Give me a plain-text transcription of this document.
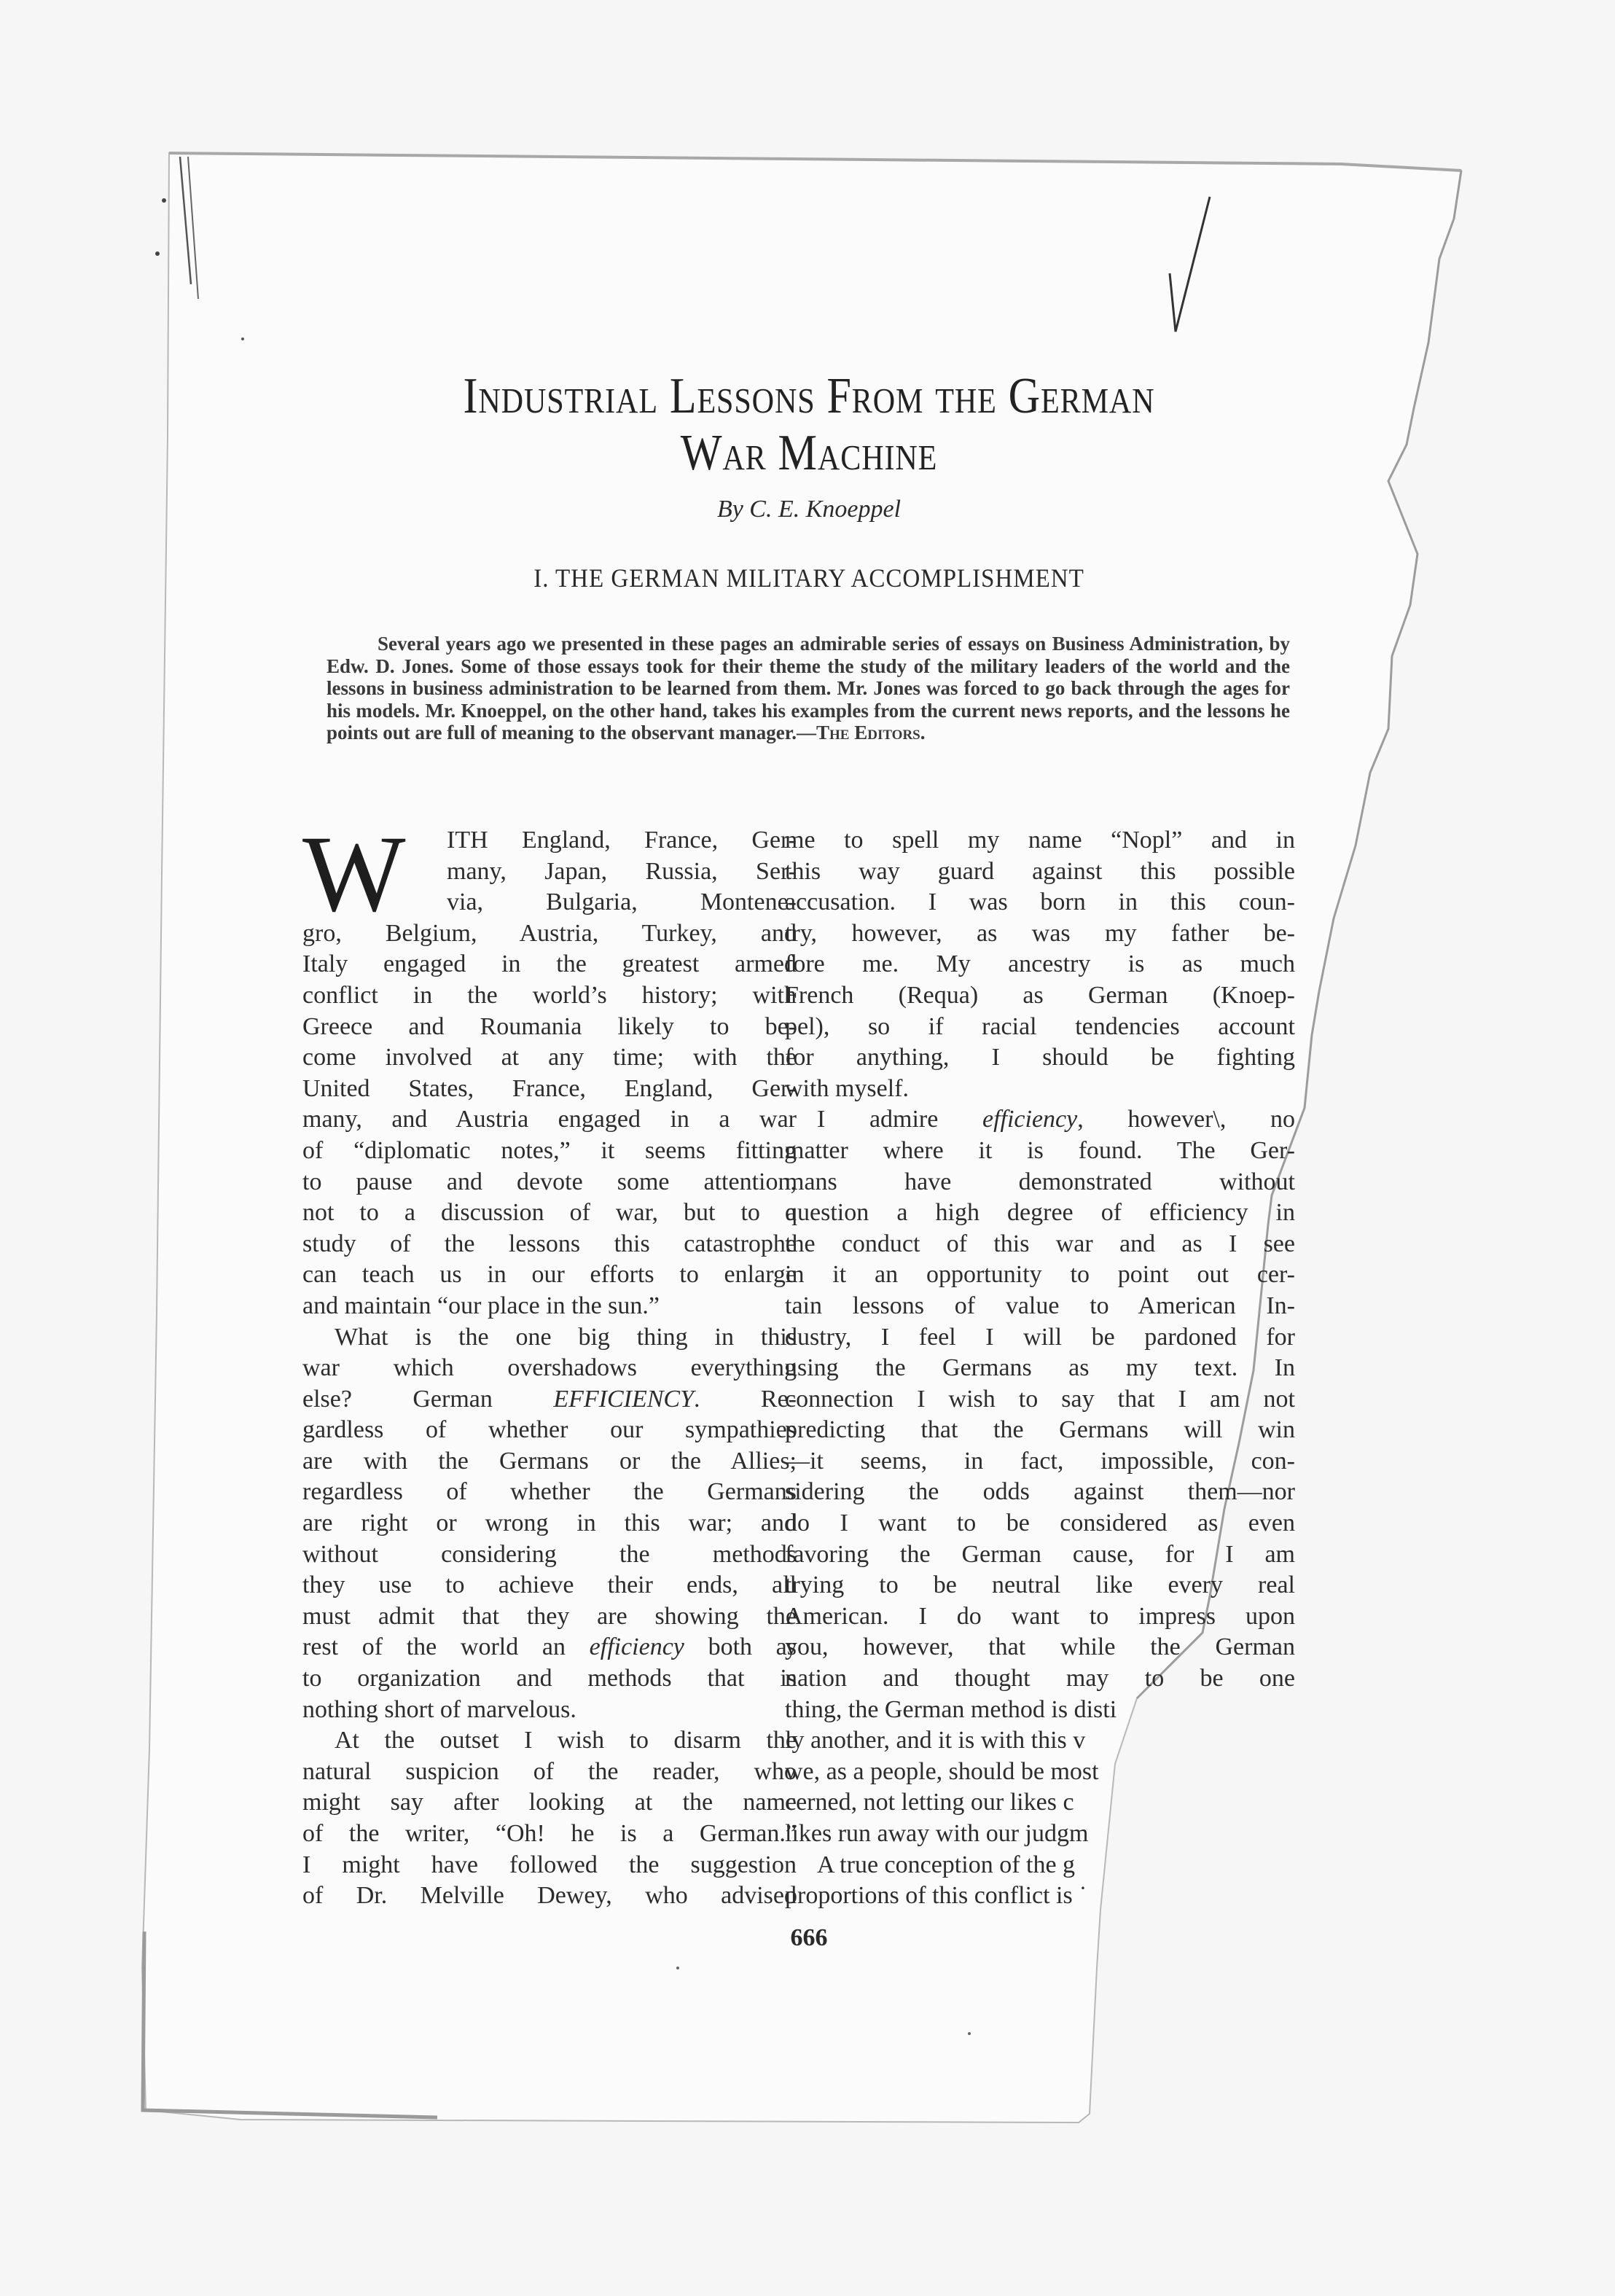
Industrial Lessons From the German
War Machine
By C. E. Knoeppel
I. THE GERMAN MILITARY ACCOMPLISHMENT

Several years ago we presented in these pages an admirable series of essays on Business Administration, by Edw. D. Jones. Some of those essays took for their theme the study of the military leaders of the world and the lessons in business administration to be learned from them. Mr. Jones was forced to go back through the ages for his models. Mr. Knoeppel, on the other hand, takes his examples from the current news reports, and the lessons he points out are full of meaning to the observant manager.—The Editors.

W	ITH England, France, Ger-
many, Japan, Russia, Ser-
via, Bulgaria, Montene-
gro, Belgium, Austria, Turkey, and
Italy engaged in the greatest armed
conflict in the world’s history; with
Greece and Roumania likely to be-
come involved at any time; with the
United States, France, England, Ger-
many, and Austria engaged in a war
of “diplomatic notes,” it seems fitting
to pause and devote some attention,
not to a discussion of war, but to a
study of the lessons this catastrophe
can teach us in our efforts to enlarge
and maintain “our place in the sun.”
What is the one big thing in this
war which overshadows everything
else? German EFFICIENCY. Re-
gardless of whether our sympathies
are with the Germans or the Allies;
regardless of whether the Germans
are right or wrong in this war; and
without considering the methods
they use to achieve their ends, all
must admit that they are showing the
rest of the world an efficiency both as
to organization and methods that is
nothing short of marvelous.
At the outset I wish to disarm the
natural suspicion of the reader, who
might say after looking at the name
of the writer, “Oh! he is a German.”
I might have followed the suggestion
of Dr. Melville Dewey, who advised
me to spell my name “Nopl” and in
this way guard against this possible
accusation. I was born in this coun-
try, however, as was my father be-
fore me. My ancestry is as much
French (Requa) as German (Knoep-
pel), so if racial tendencies account
for anything, I should be fighting
with myself.
I admire efficiency, however\, no
matter where it is found. The Ger-
mans have demonstrated without
question a high degree of efficiency in
the conduct of this war and as I see
in it an opportunity to point out cer-
tain lessons of value to American In-
dustry, I feel I will be pardoned for
using the Germans as my text. In
connection I wish to say that I am not
predicting that the Germans will win
—it seems, in fact, impossible, con-
sidering the odds against them—nor
do I want to be considered as even
favoring the German cause, for I am
trying to be neutral like every real
American. I do want to impress upon
you, however, that while the German
nation and thought may to be one
thing, the German method is disti
ly another, and it is with this v
we, as a people, should be most
cerned, not letting our likes c
likes run away with our judgm
A true conception of the g
proportions of this conflict is ˙
666
